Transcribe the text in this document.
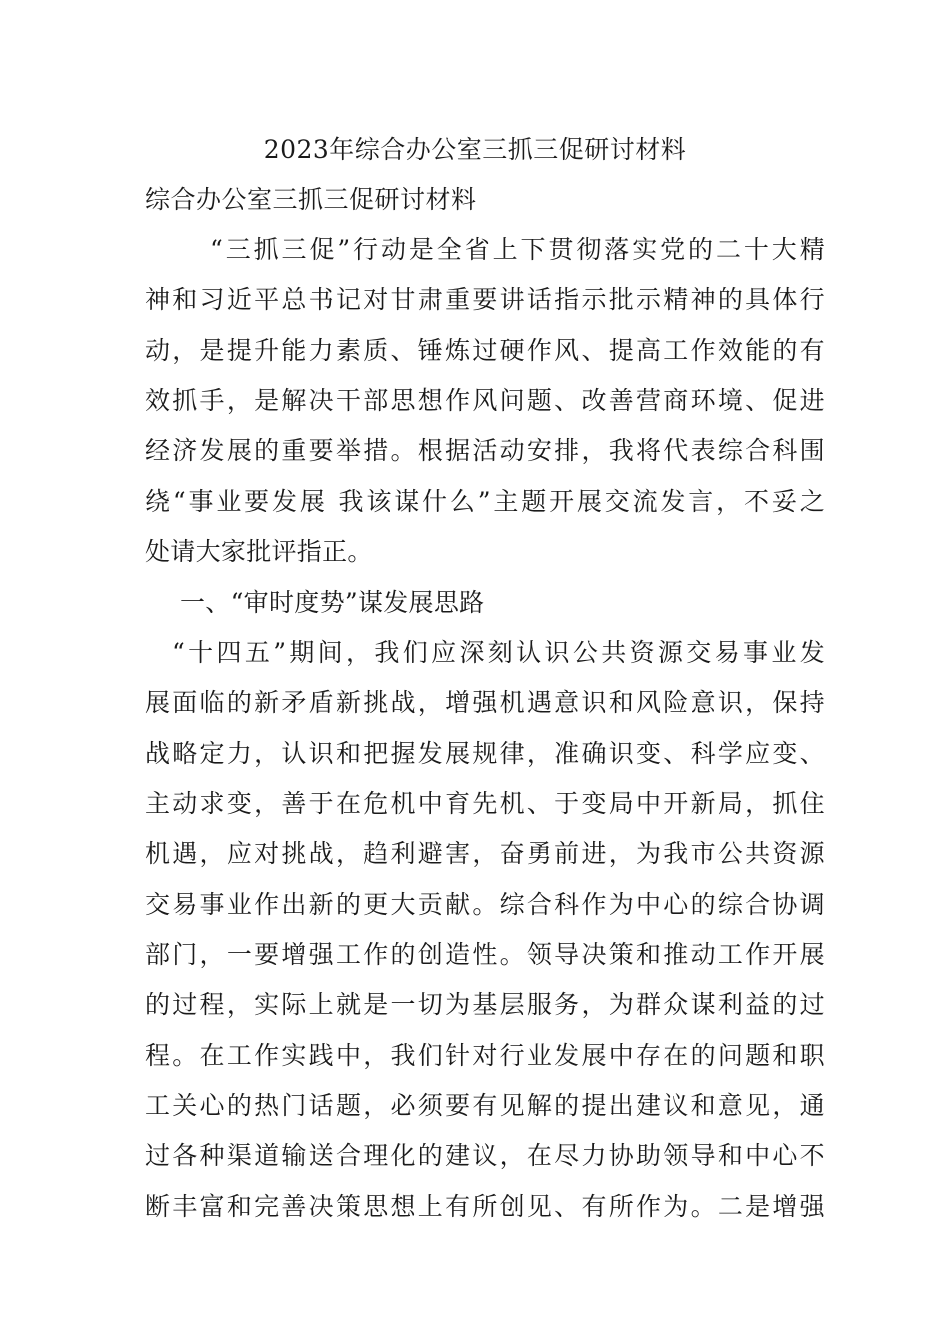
2023年综合办公室三抓三促研讨材料

综合办公室三抓三促研讨材料

“三抓三促”行动是全省上下贯彻落实党的二十大精

神和习近平总书记对甘肃重要讲话指示批示精神的具体行

动，是提升能力素质、锤炼过硬作风、提高工作效能的有

效抓手，是解决干部思想作风问题、改善营商环境、促进

经济发展的重要举措。根据活动安排，我将代表综合科围

绕“事业要发展 我该谋什么”主题开展交流发言，不妥之

处请大家批评指正。

一、“审时度势”谋发展思路

“十四五”期间，我们应深刻认识公共资源交易事业发

展面临的新矛盾新挑战，增强机遇意识和风险意识，保持

战略定力，认识和把握发展规律，准确识变、科学应变、

主动求变，善于在危机中育先机、于变局中开新局，抓住

机遇，应对挑战，趋利避害，奋勇前进，为我市公共资源

交易事业作出新的更大贡献。综合科作为中心的综合协调

部门，一要增强工作的创造性。领导决策和推动工作开展

的过程，实际上就是一切为基层服务，为群众谋利益的过

程。在工作实践中，我们针对行业发展中存在的问题和职

工关心的热门话题，必须要有见解的提出建议和意见，通

过各种渠道输送合理化的建议，在尽力协助领导和中心不

断丰富和完善决策思想上有所创见、有所作为。二是增强
